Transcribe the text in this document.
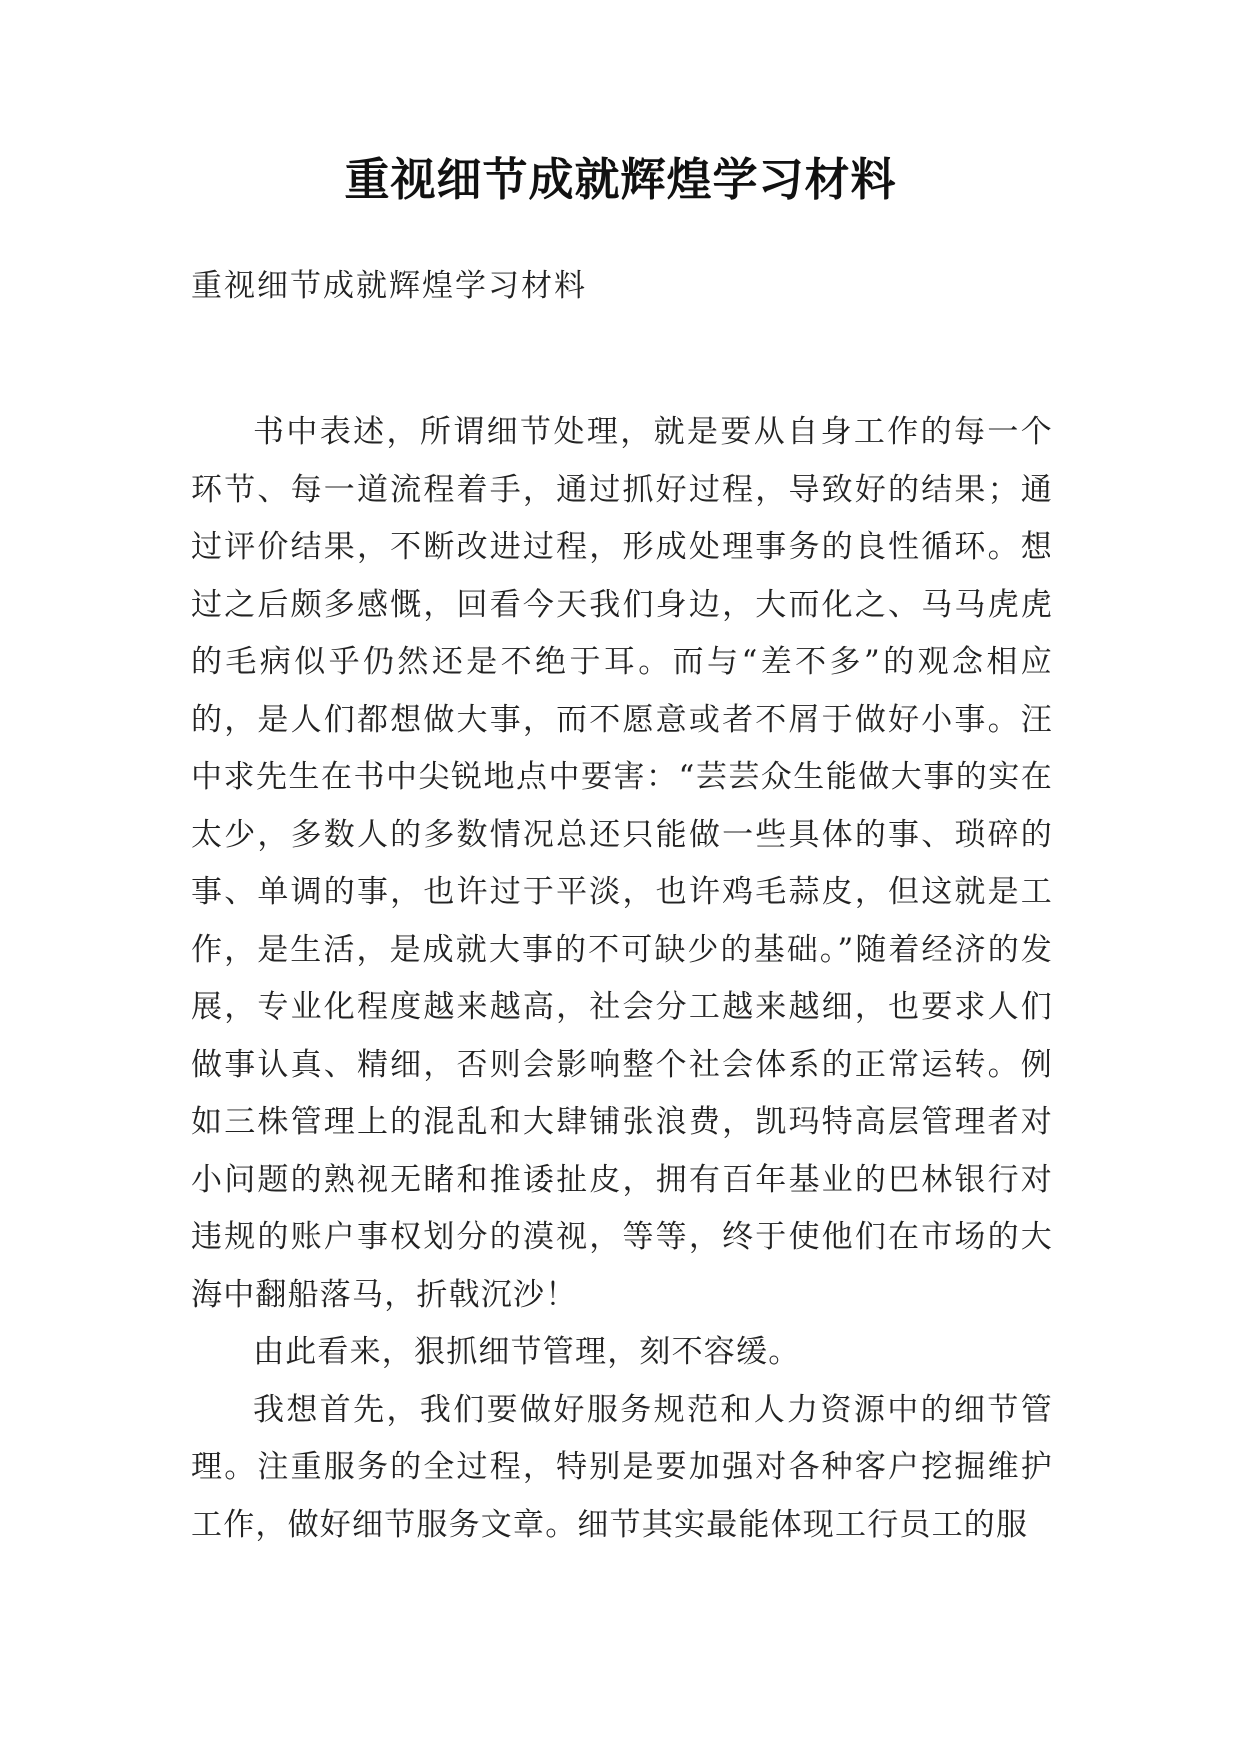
重视细节成就辉煌学习材料
重视细节成就辉煌学习材料

书中表述，所谓细节处理，就是要从自身工作的每一个环节、每一道流程着手，通过抓好过程，导致好的结果；通过评价结果，不断改进过程，形成处理事务的良性循环。想过之后颇多感慨，回看今天我们身边，大而化之、马马虎虎的毛病似乎仍然还是不绝于耳。而与“差不多”的观念相应的，是人们都想做大事，而不愿意或者不屑于做好小事。汪中求先生在书中尖锐地点中要害：“芸芸众生能做大事的实在太少，多数人的多数情况总还只能做一些具体的事、琐碎的事、单调的事，也许过于平淡，也许鸡毛蒜皮，但这就是工作，是生活，是成就大事的不可缺少的基础。”随着经济的发展，专业化程度越来越高，社会分工越来越细，也要求人们做事认真、精细，否则会影响整个社会体系的正常运转。例如三株管理上的混乱和大肆铺张浪费，凯玛特高层管理者对小问题的熟视无睹和推诿扯皮，拥有百年基业的巴林银行对违规的账户事权划分的漠视，等等，终于使他们在市场的大海中翻船落马，折戟沉沙！

由此看来，狠抓细节管理，刻不容缓。

我想首先，我们要做好服务规范和人力资源中的细节管理。注重服务的全过程，特别是要加强对各种客户挖掘维护工作，做好细节服务文章。细节其实最能体现工行员工的服
